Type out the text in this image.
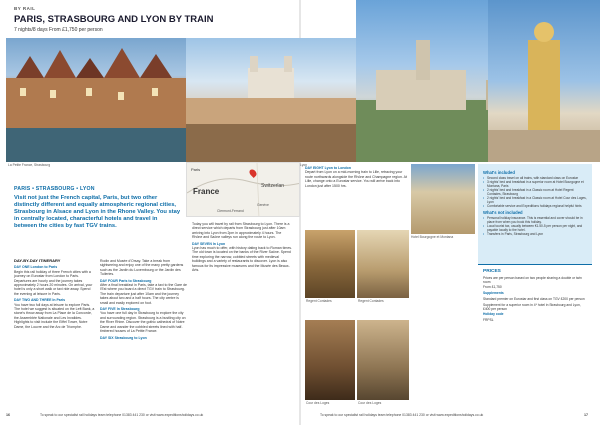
BY RAIL
PARIS, STRASBOURG AND LYON BY TRAIN
7 nights/8 days From £1,750 per person
La Petite France, Strasbourg	Lyon
Paris
France
Switzerlan
Clermont-Ferrand
Genève
PARIS • STRASBOURG • LYON
Visit not just the French capital, Paris, but two other distinctly different and equally atmospheric regional cities, Strasbourg in Alsace and Lyon in the Rhone Valley. You stay in centrally located, characterful hotels and travel in between the cities by fast TGV trains.
DAY-BY-DAY ITINERARY
DAY ONE London to Paris
Begin this rail holiday of three French cities with a journey on Eurostar from London to Paris. Departures are hourly and the journey takes approximately 2 hours 20 minutes. On arrival, your hotel is only a short walk or taxi ride away. Spend the evening at leisure in Paris.
DAY TWO AND THREE In Paris
You have two full days at leisure to explore Paris. The hotel we suggest is situated on the Left Bank, a stone's throw away from La Place de la Concorde, the Assemblée Nationale and Les Invalides. Highlights to visit include the Eiffel Tower, Notre Dame, the Louvre and the Arc de Triomphe.
Rodin and Musée d'Orsay. Take a break from sightseeing and enjoy one of the many pretty gardens such as the Jardin du Luxembourg or the Jardin des Tuileries.
DAY FOUR Paris to Strasbourg
After a final breakfast in Paris, take a taxi to the Gare de l'Est where you board a direct TGV train to Strasbourg. The train departure just after 10am and the journey takes about two and a half hours. The city centre is small and easily explored on foot.
DAY FIVE In Strasbourg
You have one full day in Strasbourg to explore the city and surrounding region. Strasbourg is a bustling city on the River Rhine. Discover the gothic cathedral of Notre Dame and wander the cobbled streets lined with half-timbered houses of La Petite France.
DAY SIX Strasbourg to Lyon
Today you will travel by rail from Strasbourg to Lyon. There is a direct service which departs from Strasbourg just after 10am arriving into Lyon from 2pm in approximately 4 hours. The Rhône and Saône valleys run along the route to Lyon.
DAY SEVEN In Lyon
Lyon has much to offer, with history dating back to Roman times. The old town is located on the banks of the River Saône. Spend time exploring the narrow, cobbled streets with medieval buildings and a variety of restaurants to discover. Lyon is also famous for its impressive museums and the Musée des Beaux-Arts.
DAY EIGHT Lyon to London
Depart from Lyon on a mid-morning train to Lille, retracing your route northwards alongside the Rhône and Champagne region. At Lille, change onto a Eurostar service. You will arrive back into London just after 1500 hrs.
Hotel Bourgogne et Montana
Regent Contades	Regent Contades
Cour des Loges	Cour des Loges
What's included
• Second class travel on all trains, with standard class on Eurostar
• 3 nights' bed and breakfast in a superior room at Hotel Bourgogne et Montana, Paris
• 2 nights' bed and breakfast in a Classic room at Hotel Regent Contades, Strasbourg
• 2 nights' bed and breakfast in a Classic room at Hotel Cour des Loges, Lyon
• Comfortable service and Expeditions holidays regional helpful hints
What's not included
• Personal holiday insurance. This is essential and cover should be in place from when you book this holiday.
• Local tourist tax, usually between €1.50-5 per person per night, and payable locally to the hotel.
• Transfers in Paris, Strasbourg and Lyon
PRICES

Prices are per person based on two people sharing a double or twin room

From £1,750

Supplements

Standard premier on Eurostar and first class on TGV £200 per person

Supplement for a superior room in 4* hotel in Strasbourg and Lyon, £400 per person

Holiday code

FRPSL

16	To speak to our specialist rail holidays team telephone 01383 441 230 or visit www.expeditionsholidays.co.uk	To speak to our specialist rail holidays team telephone 01383 441 230 or visit www.expeditionsholidays.co.uk	17
